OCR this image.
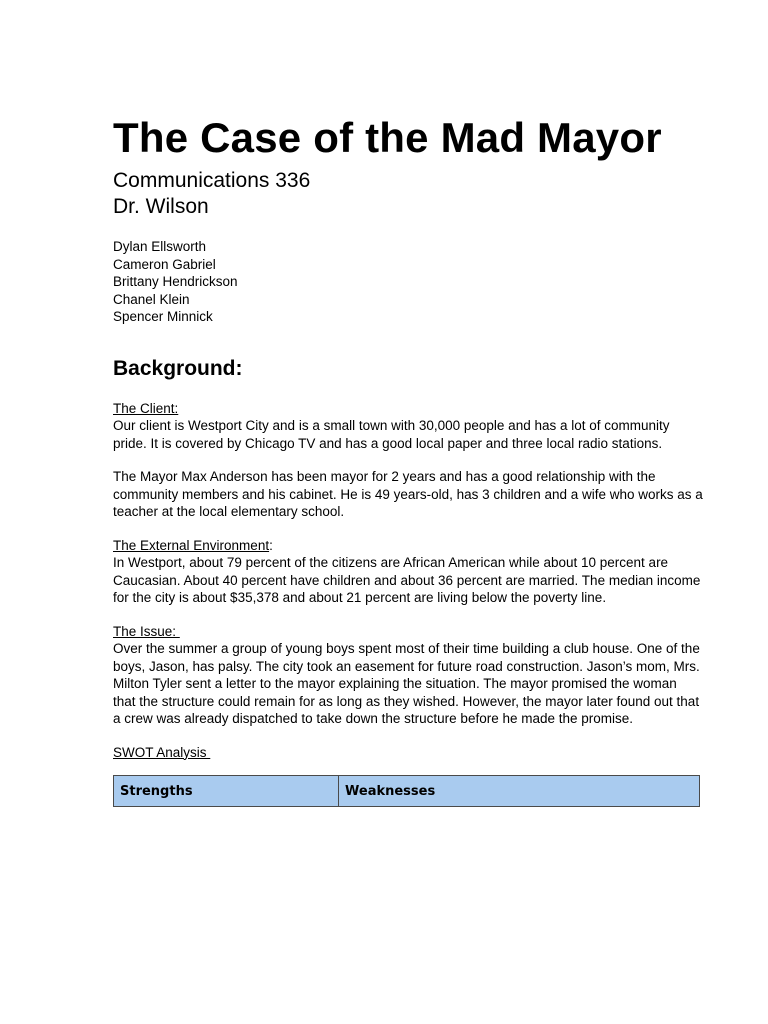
The Case of the Mad Mayor
Communications 336
Dr. Wilson
Dylan Ellsworth
Cameron Gabriel
Brittany Hendrickson
Chanel Klein
Spencer Minnick
Background:
The Client:

Our client is Westport City and is a small town with 30,000 people and has a lot of community pride. It is covered by Chicago TV and has a good local paper and three local radio stations.

The Mayor Max Anderson has been mayor for 2 years and has a good relationship with the community members and his cabinet. He is 49 years-old, has 3 children and a wife who works as a teacher at the local elementary school.

The External Environment:

In Westport, about 79 percent of the citizens are African American while about 10 percent are Caucasian. About 40 percent have children and about 36 percent are married. The median income for the city is about $35,378 and about 21 percent are living below the poverty line.

The Issue:

Over the summer a group of young boys spent most of their time building a club house. One of the boys, Jason, has palsy. The city took an easement for future road construction. Jason’s mom, Mrs. Milton Tyler sent a letter to the mayor explaining the situation. The mayor promised the woman that the structure could remain for as long as they wished. However, the mayor later found out that a crew was already dispatched to take down the structure before he made the promise.

SWOT Analysis
Strengths	Weaknesses
